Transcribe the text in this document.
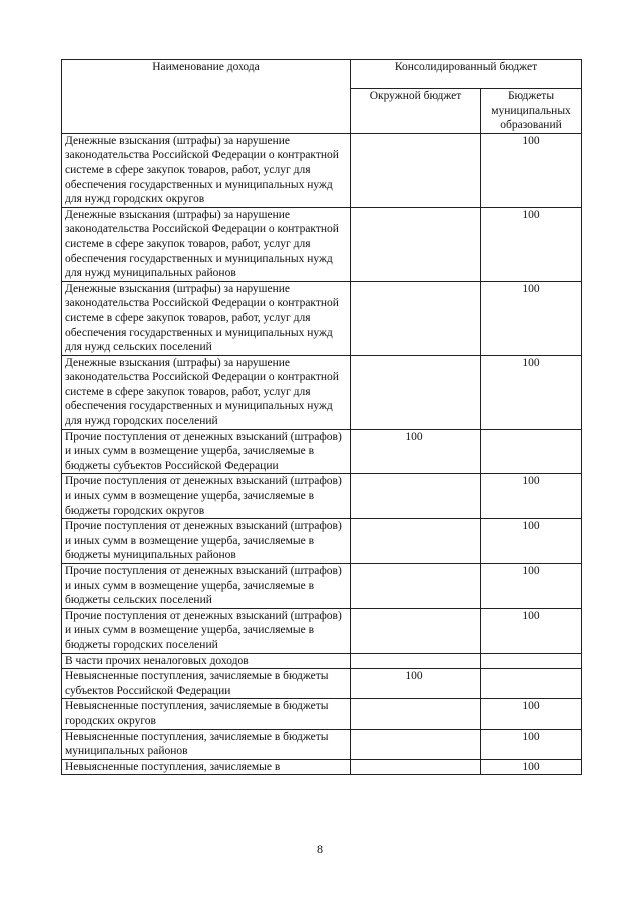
Наименование дохода	Консолидированный бюджет	
	Окружной бюджет	Бюджеты муниципальных образований
Денежные взыскания (штрафы) за нарушение законодательства Российской Федерации о контрактной системе в сфере закупок товаров, работ, услуг для обеспечения государственных и муниципальных нужд для нужд городских округов		100
Денежные взыскания (штрафы) за нарушение законодательства Российской Федерации о контрактной системе в сфере закупок товаров, работ, услуг для обеспечения государственных и муниципальных нужд для нужд муниципальных районов		100
Денежные взыскания (штрафы) за нарушение законодательства Российской Федерации о контрактной системе в сфере закупок товаров, работ, услуг для обеспечения государственных и муниципальных нужд для нужд сельских поселений		100
Денежные взыскания (штрафы) за нарушение законодательства Российской Федерации о контрактной системе в сфере закупок товаров, работ, услуг для обеспечения государственных и муниципальных нужд для нужд городских поселений		100
Прочие поступления от денежных взысканий (штрафов) и иных сумм в возмещение ущерба, зачисляемые в бюджеты субъектов Российской Федерации	100	
Прочие поступления от денежных взысканий (штрафов) и иных сумм в возмещение ущерба, зачисляемые в бюджеты городских округов		100
Прочие поступления от денежных взысканий (штрафов) и иных сумм в возмещение ущерба, зачисляемые в бюджеты муниципальных районов		100
Прочие поступления от денежных взысканий (штрафов) и иных сумм в возмещение ущерба, зачисляемые в бюджеты сельских поселений		100
Прочие поступления от денежных взысканий (штрафов) и иных сумм в возмещение ущерба, зачисляемые в бюджеты городских поселений		100
В части прочих неналоговых доходов		
Невыясненные поступления, зачисляемые в бюджеты субъектов Российской Федерации	100	
Невыясненные поступления, зачисляемые в бюджеты городских округов		100
Невыясненные поступления, зачисляемые в бюджеты муниципальных районов		100
Невыясненные поступления, зачисляемые в		100
8
